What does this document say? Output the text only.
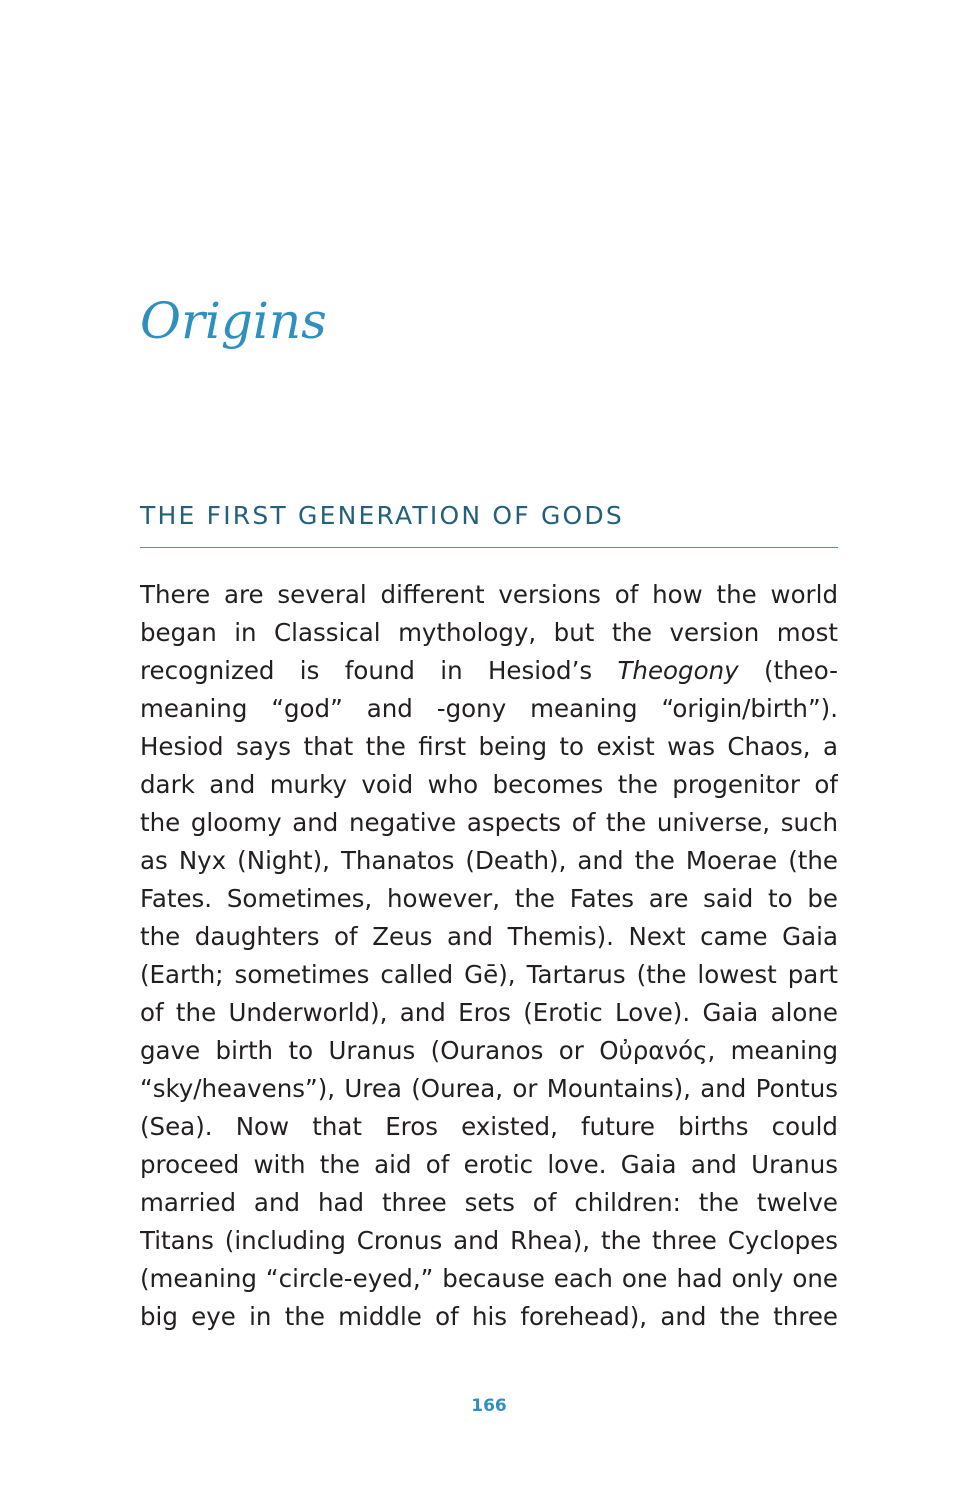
Origins
THE FIRST GENERATION OF GODS
There are several different versions of how the world
began in Classical mythology, but the version most
recognized is found in Hesiod’s Theogony (theo-
meaning “god” and -gony meaning “origin/birth”).
Hesiod says that the first being to exist was Chaos, a
dark and murky void who becomes the progenitor of
the gloomy and negative aspects of the universe, such
as Nyx (Night), Thanatos (Death), and the Moerae (the
Fates. Sometimes, however, the Fates are said to be
the daughters of Zeus and Themis). Next came Gaia
(Earth; sometimes called Gē), Tartarus (the lowest part
of the Underworld), and Eros (Erotic Love). Gaia alone
gave birth to Uranus (Ouranos or Οὐρανός, meaning
“sky/heavens”), Urea (Ourea, or Mountains), and Pontus
(Sea). Now that Eros existed, future births could
proceed with the aid of erotic love. Gaia and Uranus
married and had three sets of children: the twelve
Titans (including Cronus and Rhea), the three Cyclopes
(meaning “circle-eyed,” because each one had only one
big eye in the middle of his forehead), and the three

166
